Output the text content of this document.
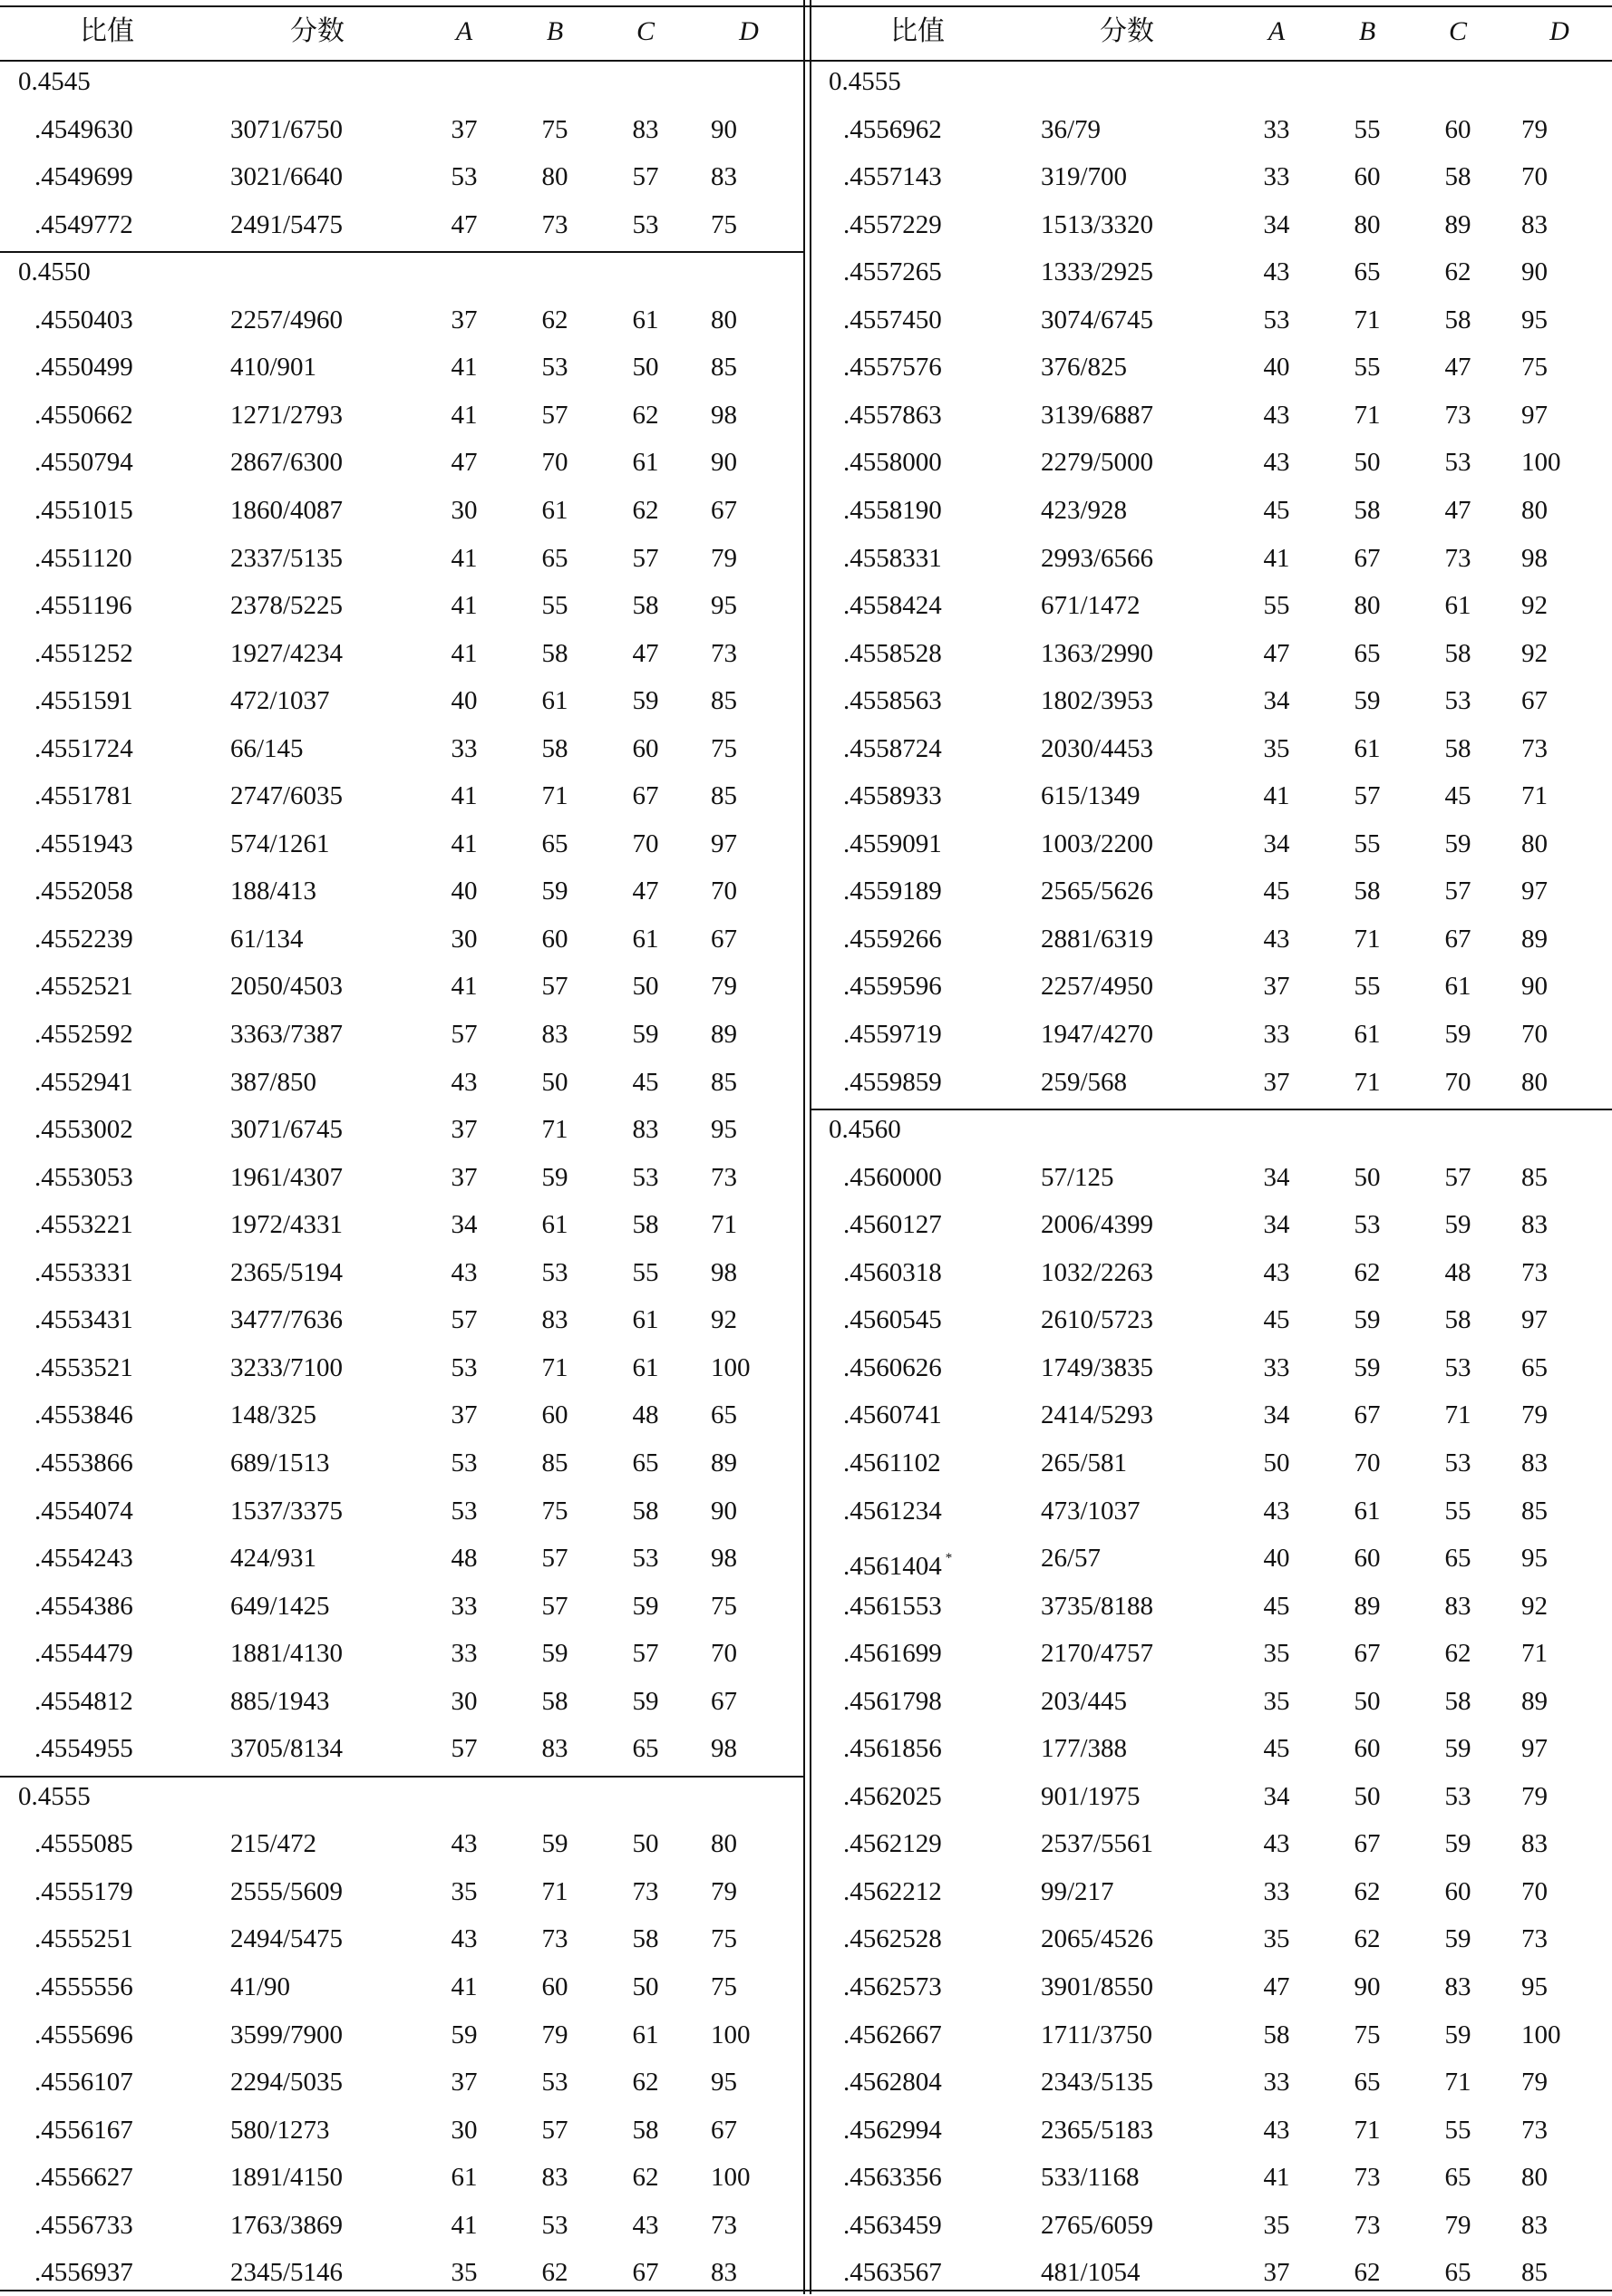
比值	分数	A	B	C	D
0.4545
.4549630	3071/6750	37	75	83	90
.4549699	3021/6640	53	80	57	83
.4549772	2491/5475	47	73	53	75
0.4550
.4550403	2257/4960	37	62	61	80
.4550499	410/901	41	53	50	85
.4550662	1271/2793	41	57	62	98
.4550794	2867/6300	47	70	61	90
.4551015	1860/4087	30	61	62	67
.4551120	2337/5135	41	65	57	79
.4551196	2378/5225	41	55	58	95
.4551252	1927/4234	41	58	47	73
.4551591	472/1037	40	61	59	85
.4551724	66/145	33	58	60	75
.4551781	2747/6035	41	71	67	85
.4551943	574/1261	41	65	70	97
.4552058	188/413	40	59	47	70
.4552239	61/134	30	60	61	67
.4552521	2050/4503	41	57	50	79
.4552592	3363/7387	57	83	59	89
.4552941	387/850	43	50	45	85
.4553002	3071/6745	37	71	83	95
.4553053	1961/4307	37	59	53	73
.4553221	1972/4331	34	61	58	71
.4553331	2365/5194	43	53	55	98
.4553431	3477/7636	57	83	61	92
.4553521	3233/7100	53	71	61	100
.4553846	148/325	37	60	48	65
.4553866	689/1513	53	85	65	89
.4554074	1537/3375	53	75	58	90
.4554243	424/931	48	57	53	98
.4554386	649/1425	33	57	59	75
.4554479	1881/4130	33	59	57	70
.4554812	885/1943	30	58	59	67
.4554955	3705/8134	57	83	65	98
0.4555
.4555085	215/472	43	59	50	80
.4555179	2555/5609	35	71	73	79
.4555251	2494/5475	43	73	58	75
.4555556	41/90	41	60	50	75
.4555696	3599/7900	59	79	61	100
.4556107	2294/5035	37	53	62	95
.4556167	580/1273	30	57	58	67
.4556627	1891/4150	61	83	62	100
.4556733	1763/3869	41	53	43	73
.4556937	2345/5146	35	62	67	83
比值	分数	A	B	C	D
0.4555
.4556962	36/79	33	55	60	79
.4557143	319/700	33	60	58	70
.4557229	1513/3320	34	80	89	83
.4557265	1333/2925	43	65	62	90
.4557450	3074/6745	53	71	58	95
.4557576	376/825	40	55	47	75
.4557863	3139/6887	43	71	73	97
.4558000	2279/5000	43	50	53	100
.4558190	423/928	45	58	47	80
.4558331	2993/6566	41	67	73	98
.4558424	671/1472	55	80	61	92
.4558528	1363/2990	47	65	58	92
.4558563	1802/3953	34	59	53	67
.4558724	2030/4453	35	61	58	73
.4558933	615/1349	41	57	45	71
.4559091	1003/2200	34	55	59	80
.4559189	2565/5626	45	58	57	97
.4559266	2881/6319	43	71	67	89
.4559596	2257/4950	37	55	61	90
.4559719	1947/4270	33	61	59	70
.4559859	259/568	37	71	70	80
0.4560
.4560000	57/125	34	50	57	85
.4560127	2006/4399	34	53	59	83
.4560318	1032/2263	43	62	48	73
.4560545	2610/5723	45	59	58	97
.4560626	1749/3835	33	59	53	65
.4560741	2414/5293	34	67	71	79
.4561102	265/581	50	70	53	83
.4561234	473/1037	43	61	55	85
.4561404 *	26/57	40	60	65	95
.4561553	3735/8188	45	89	83	92
.4561699	2170/4757	35	67	62	71
.4561798	203/445	35	50	58	89
.4561856	177/388	45	60	59	97
.4562025	901/1975	34	50	53	79
.4562129	2537/5561	43	67	59	83
.4562212	99/217	33	62	60	70
.4562528	2065/4526	35	62	59	73
.4562573	3901/8550	47	90	83	95
.4562667	1711/3750	58	75	59	100
.4562804	2343/5135	33	65	71	79
.4562994	2365/5183	43	71	55	73
.4563356	533/1168	41	73	65	80
.4563459	2765/6059	35	73	79	83
.4563567	481/1054	37	62	65	85
